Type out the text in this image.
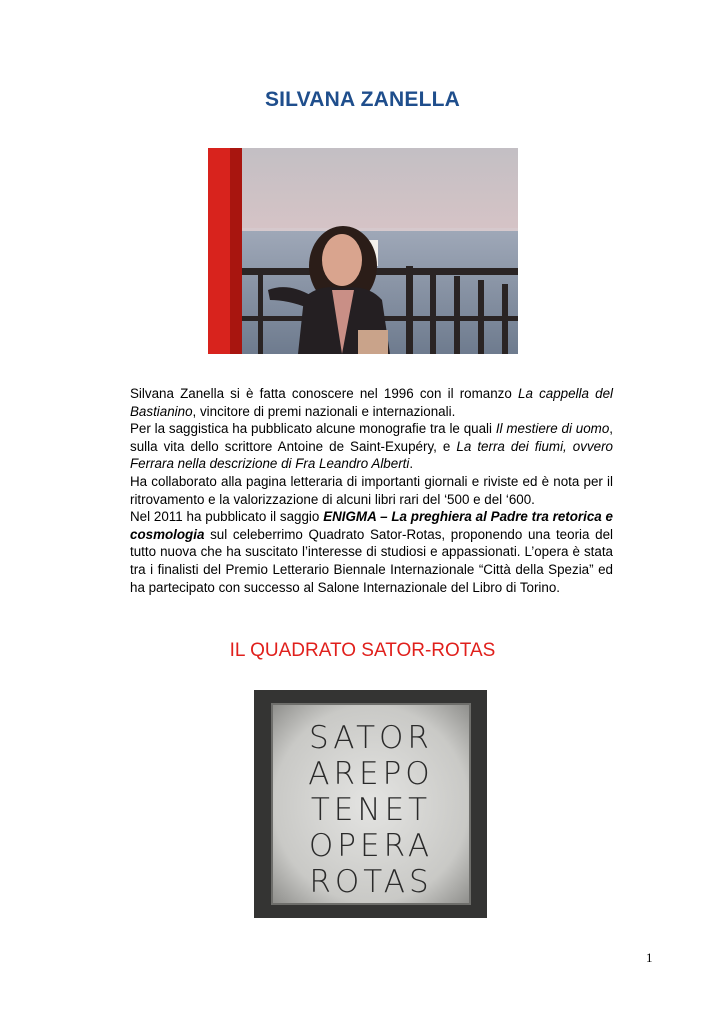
SILVANA ZANELLA

Silvana Zanella si è fatta conoscere nel 1996 con il romanzo La cappella del Bastianino, vincitore di premi nazionali e internazionali.

Per la saggistica ha pubblicato alcune monografie tra le quali Il mestiere di uomo, sulla vita dello scrittore Antoine de Saint-Exupéry, e La terra dei fiumi, ovvero Ferrara nella descrizione di Fra Leandro Alberti.

Ha collaborato alla pagina letteraria di importanti giornali e riviste ed è nota per il ritrovamento e la valorizzazione di alcuni libri rari del ‘500 e del ‘600.

Nel 2011 ha pubblicato il saggio ENIGMA – La preghiera al Padre tra retorica e cosmologia sul celeberrimo Quadrato Sator-Rotas, proponendo una teoria del tutto nuova che ha suscitato l’interesse di studiosi e appassionati. L’opera è stata tra i finalisti del Premio Letterario Biennale Internazionale “Città della Spezia” ed ha partecipato con successo al Salone Internazionale del Libro di Torino.

IL QUADRATO SATOR-ROTAS
SATOR
AREPO
TENET
OPERA
ROTAS
1
